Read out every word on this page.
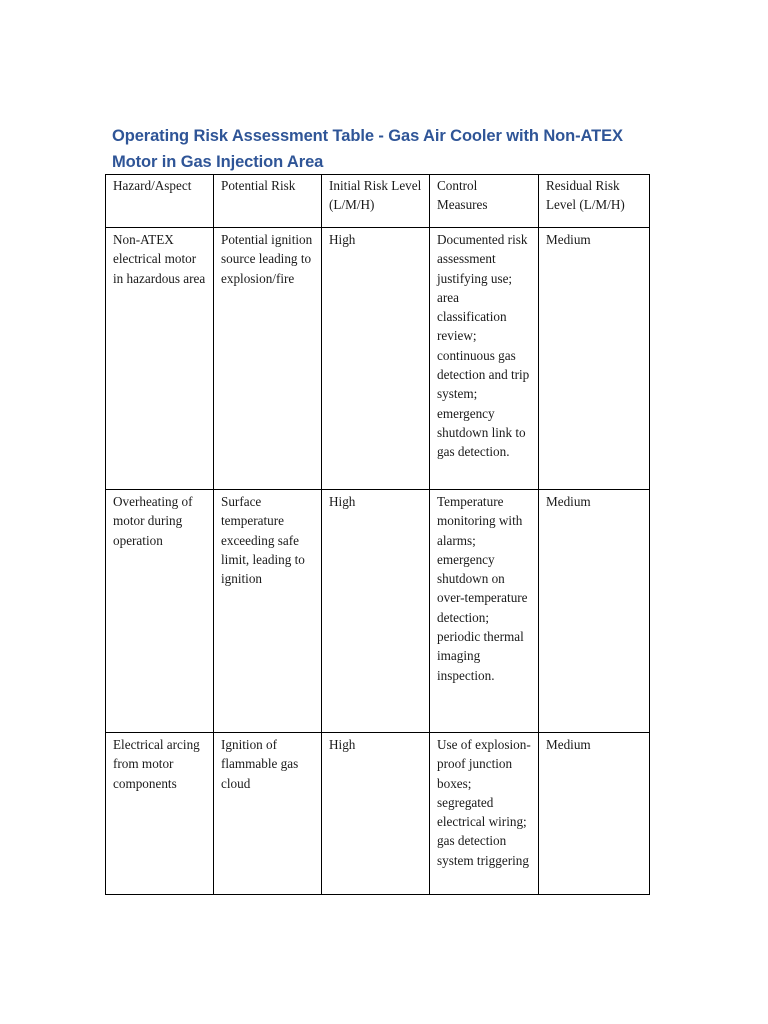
Operating Risk Assessment Table - Gas Air Cooler with Non-ATEX Motor in Gas Injection Area
Hazard/Aspect	Potential Risk	Initial Risk Level (L/M/H)	Control Measures	Residual Risk Level (L/M/H)
Non-ATEX electrical motor in hazardous area	Potential ignition source leading to explosion/fire	High	Documented risk assessment justifying use; area classification review; continuous gas detection and trip system; emergency shutdown link to gas detection.	Medium
Overheating of motor during operation	Surface temperature exceeding safe limit, leading to ignition	High	Temperature monitoring with alarms; emergency shutdown on over-temperature detection; periodic thermal imaging inspection.	Medium
Electrical arcing from motor components	Ignition of flammable gas cloud	High	Use of explosion-proof junction boxes; segregated electrical wiring; gas detection system triggering	Medium
